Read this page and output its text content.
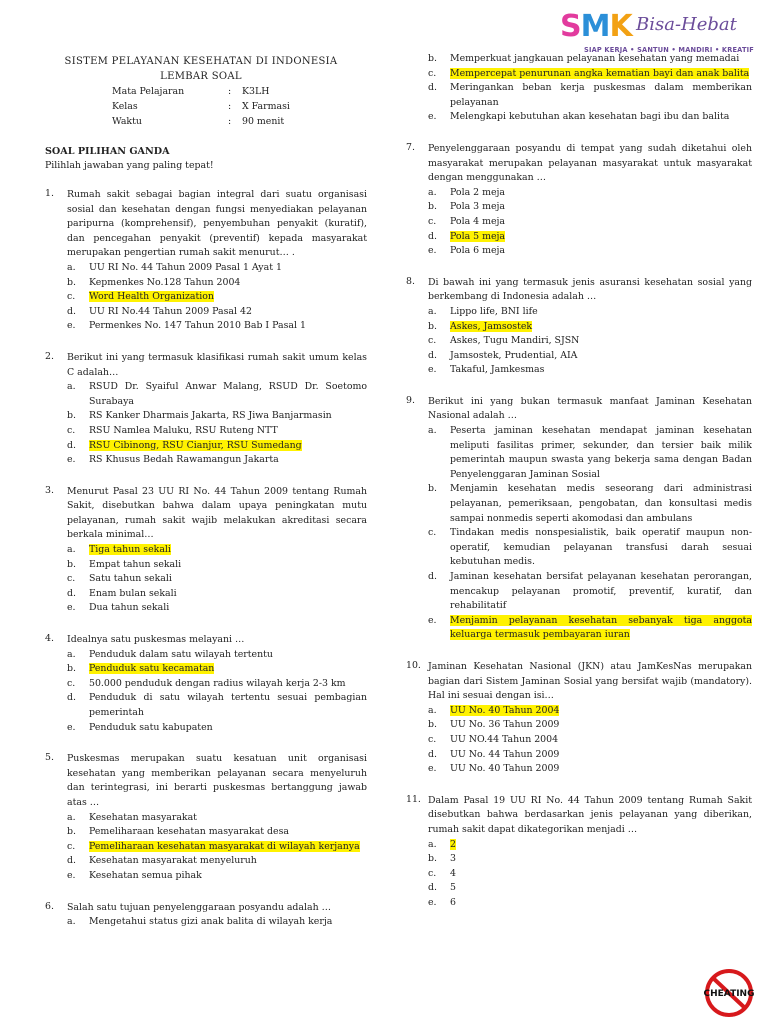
SMK Bisa-Hebat
SIAP KERJA • SANTUN • MANDIRI • KREATIF
SISTEM PELAYANAN KESEHATAN DI INDONESIA
LEMBAR SOAL
Mata Pelajaran	: K3LH
Kelas	: X Farmasi
Waktu	: 90 menit
SOAL PILIHAN GANDA
Pilihlah jawaban yang paling tepat!
1.	Rumah sakit sebagai bagian integral dari suatu organisasi sosial dan kesehatan dengan fungsi menyediakan pelayanan paripurna (komprehensif), penyembuhan penyakit (kuratif), dan pencegahan penyakit (preventif) kepada masyarakat merupakan pengertian rumah sakit menurut… .
a.	UU RI No. 44 Tahun 2009 Pasal 1 Ayat 1
b.	Kepmenkes No.128 Tahun 2004
c.	Word Health Organization
d.	UU RI No.44 Tahun 2009 Pasal 42
e.	Permenkes No. 147 Tahun 2010 Bab I Pasal 1
2.	Berikut ini yang termasuk klasifikasi rumah sakit umum kelas C adalah…
a.	RSUD Dr. Syaiful Anwar Malang, RSUD Dr. Soetomo Surabaya
b.	RS Kanker Dharmais Jakarta, RS Jiwa Banjarmasin
c.	RSU Namlea Maluku, RSU Ruteng NTT
d.	RSU Cibinong, RSU Cianjur, RSU Sumedang
e.	RS Khusus Bedah Rawamangun Jakarta
3.	Menurut Pasal 23 UU RI No. 44 Tahun 2009 tentang Rumah Sakit, disebutkan bahwa dalam upaya peningkatan mutu pelayanan, rumah sakit wajib melakukan akreditasi secara berkala minimal…
a.	Tiga tahun sekali
b.	Empat tahun sekali
c.	Satu tahun sekali
d.	Enam bulan sekali
e.	Dua tahun sekali
4.	Idealnya satu puskesmas melayani …
a.	Penduduk dalam satu wilayah tertentu
b.	Penduduk satu kecamatan
c.	50.000 penduduk dengan radius wilayah kerja 2-3 km
d.	Penduduk di satu wilayah tertentu sesuai pembagian pemerintah
e.	Penduduk satu kabupaten
5.	Puskesmas merupakan suatu kesatuan unit organisasi kesehatan yang memberikan pelayanan secara menyeluruh dan terintegrasi, ini berarti puskesmas bertanggung jawab atas …
a.	Kesehatan masyarakat
b.	Pemeliharaan kesehatan masyarakat desa
c.	Pemeliharaan kesehatan masyarakat di wilayah kerjanya
d.	Kesehatan masyarakat menyeluruh
e.	Kesehatan semua pihak
6.	Salah satu tujuan penyelenggaraan posyandu adalah …
a.	Mengetahui status gizi anak balita di wilayah kerja
b.	Memperkuat jangkauan pelayanan kesehatan yang memadai
c.	Mempercepat penurunan angka kematian bayi dan anak balita
d.	Meringankan beban kerja puskesmas dalam memberikan pelayanan
e.	Melengkapi kebutuhan akan kesehatan bagi ibu dan balita
7.	Penyelenggaraan posyandu di tempat yang sudah diketahui oleh masyarakat merupakan pelayanan masyarakat untuk masyarakat dengan menggunakan …
a.	Pola 2 meja
b.	Pola 3 meja
c.	Pola 4 meja
d.	Pola 5 meja
e.	Pola 6 meja
8.	Di bawah ini yang termasuk jenis asuransi kesehatan sosial yang berkembang di Indonesia adalah …
a.	Lippo life, BNI life
b.	Askes, Jamsostek
c.	Askes, Tugu Mandiri, SJSN
d.	Jamsostek, Prudential, AIA
e.	Takaful, Jamkesmas
9.	Berikut ini yang bukan termasuk manfaat Jaminan Kesehatan Nasional adalah …
a.	Peserta jaminan kesehatan mendapat jaminan kesehatan meliputi fasilitas primer, sekunder, dan tersier baik milik pemerintah maupun swasta yang bekerja sama dengan Badan Penyelenggaran Jaminan Sosial
b.	Menjamin kesehatan medis seseorang dari administrasi pelayanan, pemeriksaan, pengobatan, dan konsultasi medis sampai nonmedis seperti akomodasi dan ambulans
c.	Tindakan medis nonspesialistik, baik operatif maupun non-operatif, kemudian pelayanan transfusi darah sesuai kebutuhan medis.
d.	Jaminan kesehatan bersifat pelayanan kesehatan perorangan, mencakup pelayanan promotif, preventif, kuratif, dan rehabilitatif
e.	Menjamin pelayanan kesehatan sebanyak tiga anggota keluarga termasuk pembayaran iuran
10. Jaminan Kesehatan Nasional (JKN) atau JamKesNas merupakan bagian dari Sistem Jaminan Sosial yang bersifat wajib (mandatory). Hal ini sesuai dengan isi…
a.	UU No. 40 Tahun 2004
b.	UU No. 36 Tahun 2009
c.	UU NO.44 Tahun 2004
d.	UU No. 44 Tahun 2009
e.	UU No. 40 Tahun 2009
11. Dalam Pasal 19 UU RI No. 44 Tahun 2009 tentang Rumah Sakit disebutkan bahwa berdasarkan jenis pelayanan yang diberikan, rumah sakit dapat dikategorikan menjadi …
a.	2
b.	3
c.	4
d.	5
e.	6
CHEATING
